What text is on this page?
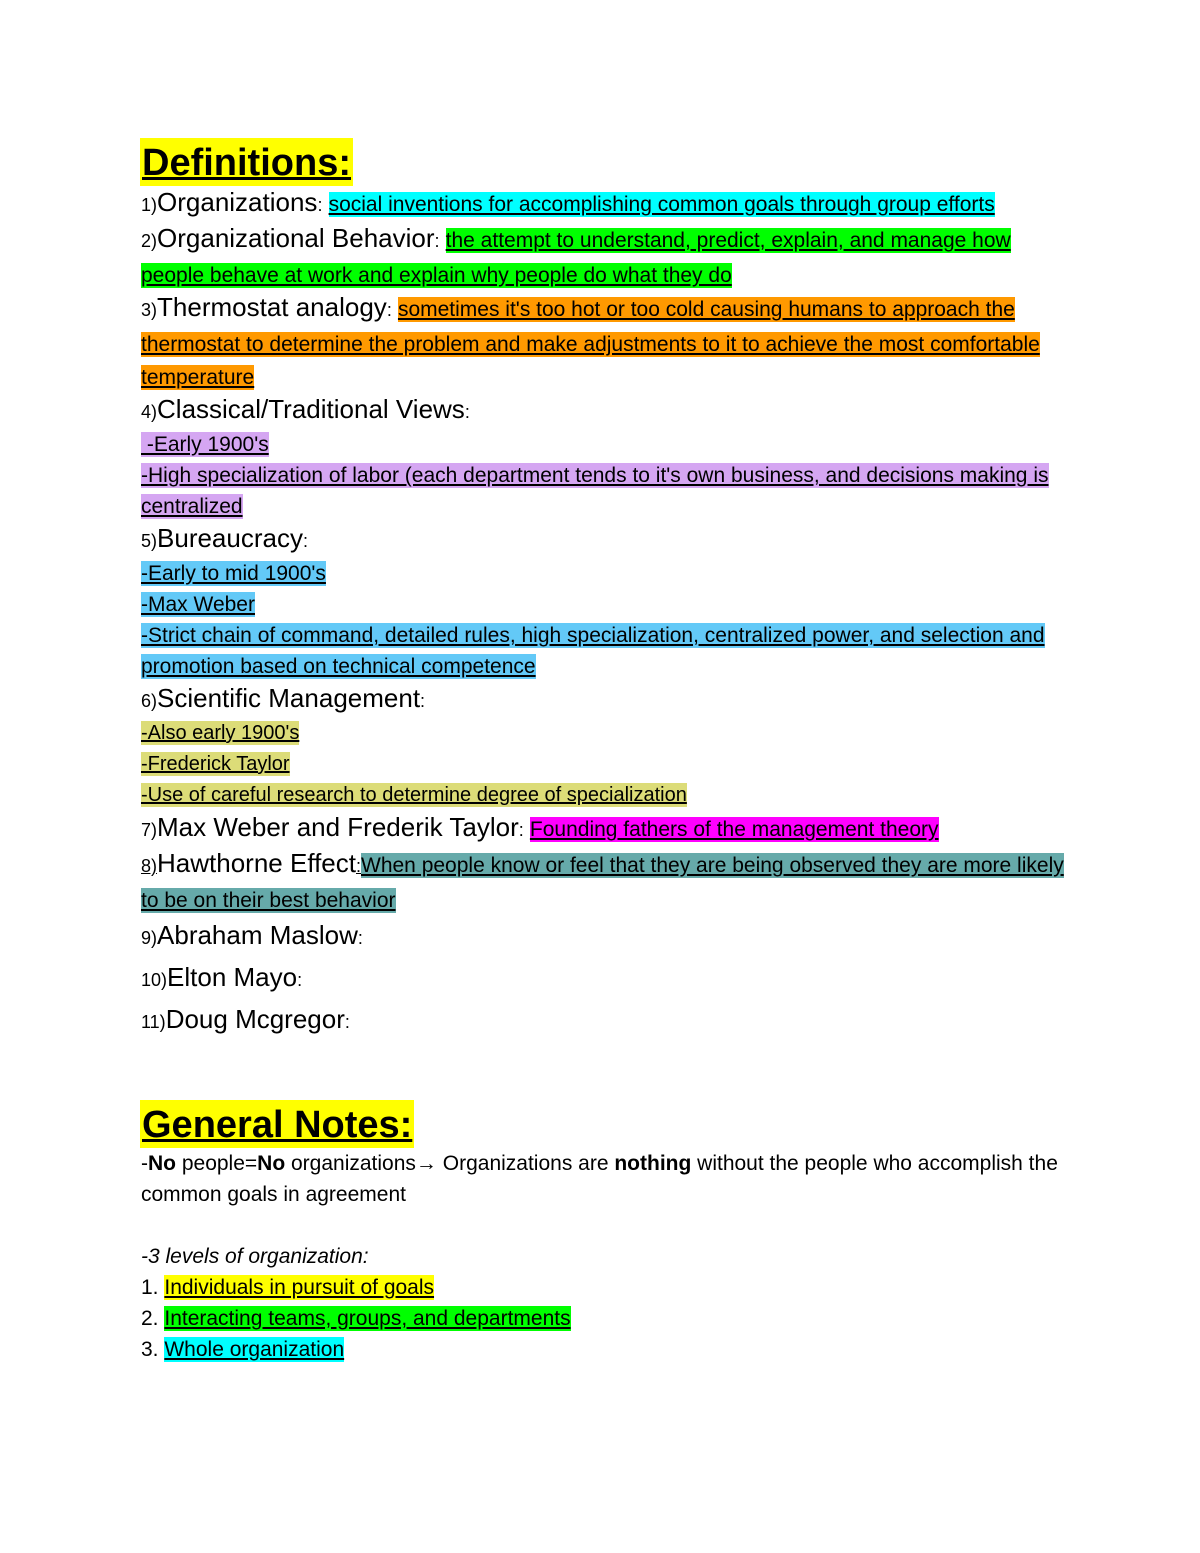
Definitions:
1)Organizations: social inventions for accomplishing common goals through group efforts
2)Organizational Behavior: the attempt to understand, predict, explain, and manage how people behave at work and explain why people do what they do
3)Thermostat analogy: sometimes it's too hot or too cold causing humans to approach the thermostat to determine the problem and make adjustments to it to achieve the most comfortable temperature
4)Classical/Traditional Views:
-Early 1900's
-High specialization of labor (each department tends to it's own business, and decisions making is centralized
5)Bureaucracy:
-Early to mid 1900's
-Max Weber
-Strict chain of command, detailed rules, high specialization, centralized power, and selection and promotion based on technical competence
6)Scientific Management:
-Also early 1900's
-Frederick Taylor
-Use of careful research to determine degree of specialization
7)Max Weber and Frederik Taylor: Founding fathers of the management theory
8)Hawthorne Effect:When people know or feel that they are being observed they are more likely to be on their best behavior
9)Abraham Maslow:
10)Elton Mayo:
11)Doug Mcgregor:
General Notes:
-No people=No organizations→ Organizations are nothing without the people who accomplish the common goals in agreement
-3 levels of organization:
1. Individuals in pursuit of goals
2. Interacting teams, groups, and departments
3. Whole organization
